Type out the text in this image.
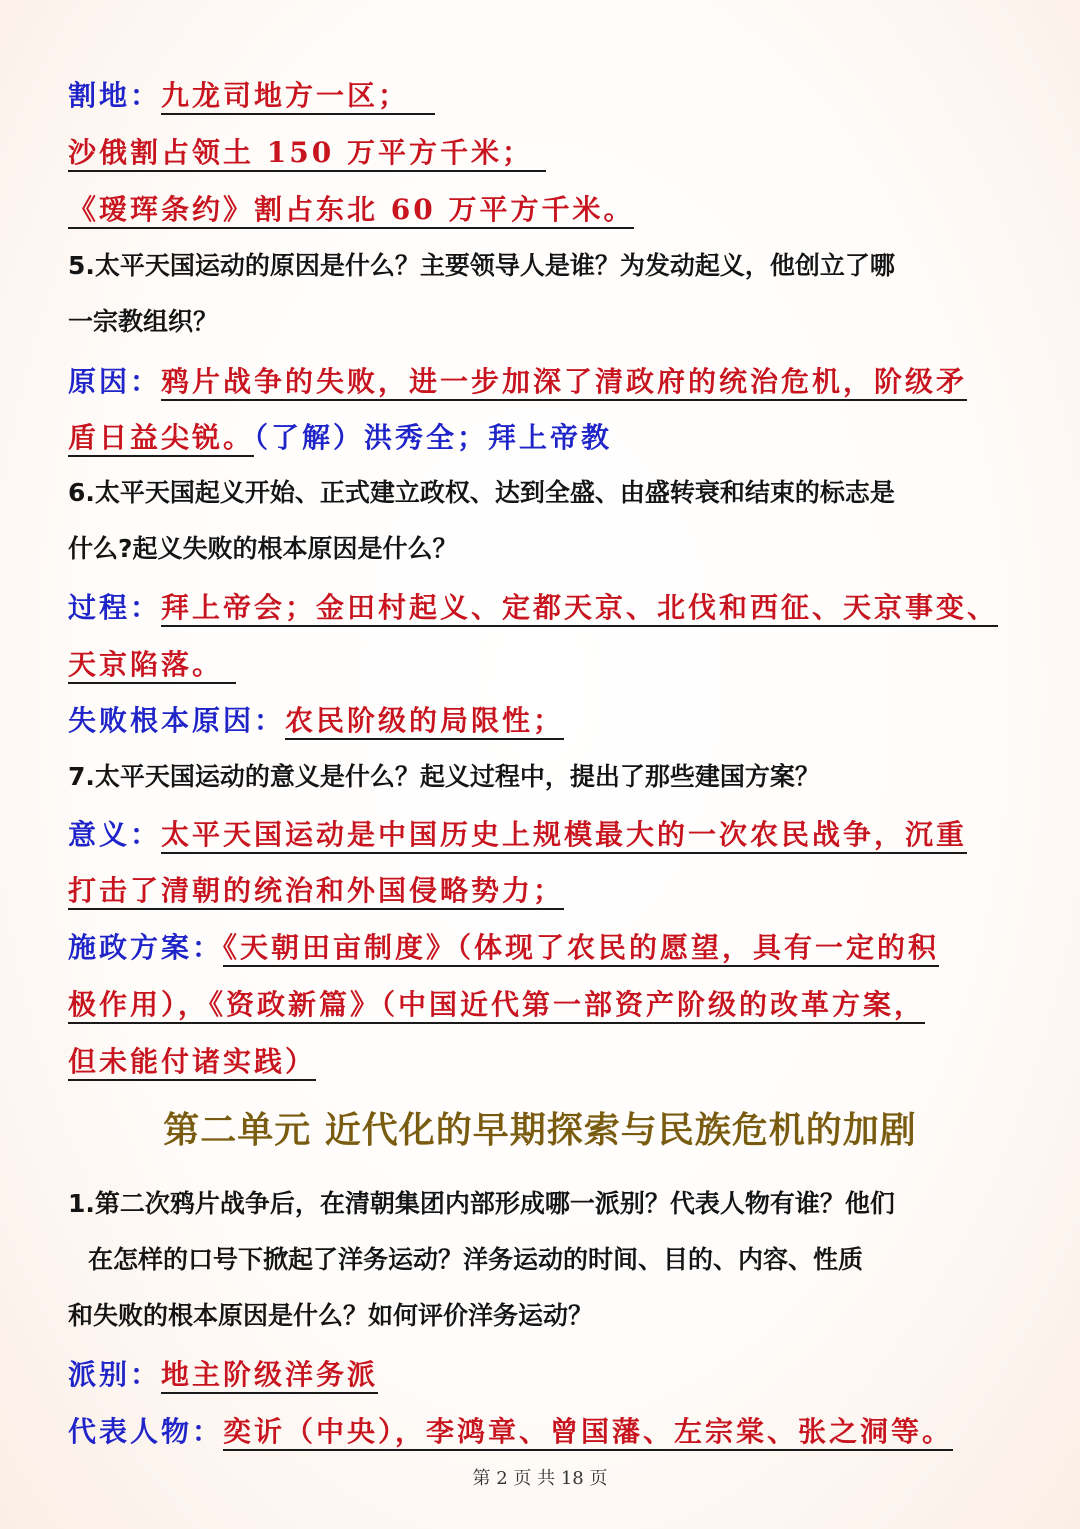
割地：九龙司地方一区；
沙俄割占领土 150 万平方千米；
《瑷珲条约》割占东北 60 万平方千米。
5.太平天国运动的原因是什么？主要领导人是谁？为发动起义，他创立了哪
一宗教组织？
原因：鸦片战争的失败，进一步加深了清政府的统治危机，阶级矛
盾日益尖锐。（了解）洪秀全；拜上帝教
6.太平天国起义开始、正式建立政权、达到全盛、由盛转衰和结束的标志是
什么?起义失败的根本原因是什么？
过程：拜上帝会；金田村起义、定都天京、北伐和西征、天京事变、
天京陷落。
失败根本原因：农民阶级的局限性；
7.太平天国运动的意义是什么？起义过程中，提出了那些建国方案？
意义：太平天国运动是中国历史上规模最大的一次农民战争，沉重
打击了清朝的统治和外国侵略势力；
施政方案：《天朝田亩制度》（体现了农民的愿望，具有一定的积
极作用），《资政新篇》（中国近代第一部资产阶级的改革方案，
但未能付诸实践）
第二单元 近代化的早期探索与民族危机的加剧
1.第二次鸦片战争后，在清朝集团内部形成哪一派别？代表人物有谁？他们
在怎样的口号下掀起了洋务运动？洋务运动的时间、目的、内容、性质
和失败的根本原因是什么？如何评价洋务运动？
派别：地主阶级洋务派
代表人物：奕䜣（中央），李鸿章、曾国藩、左宗棠、张之洞等。
第 2 页 共 18 页
